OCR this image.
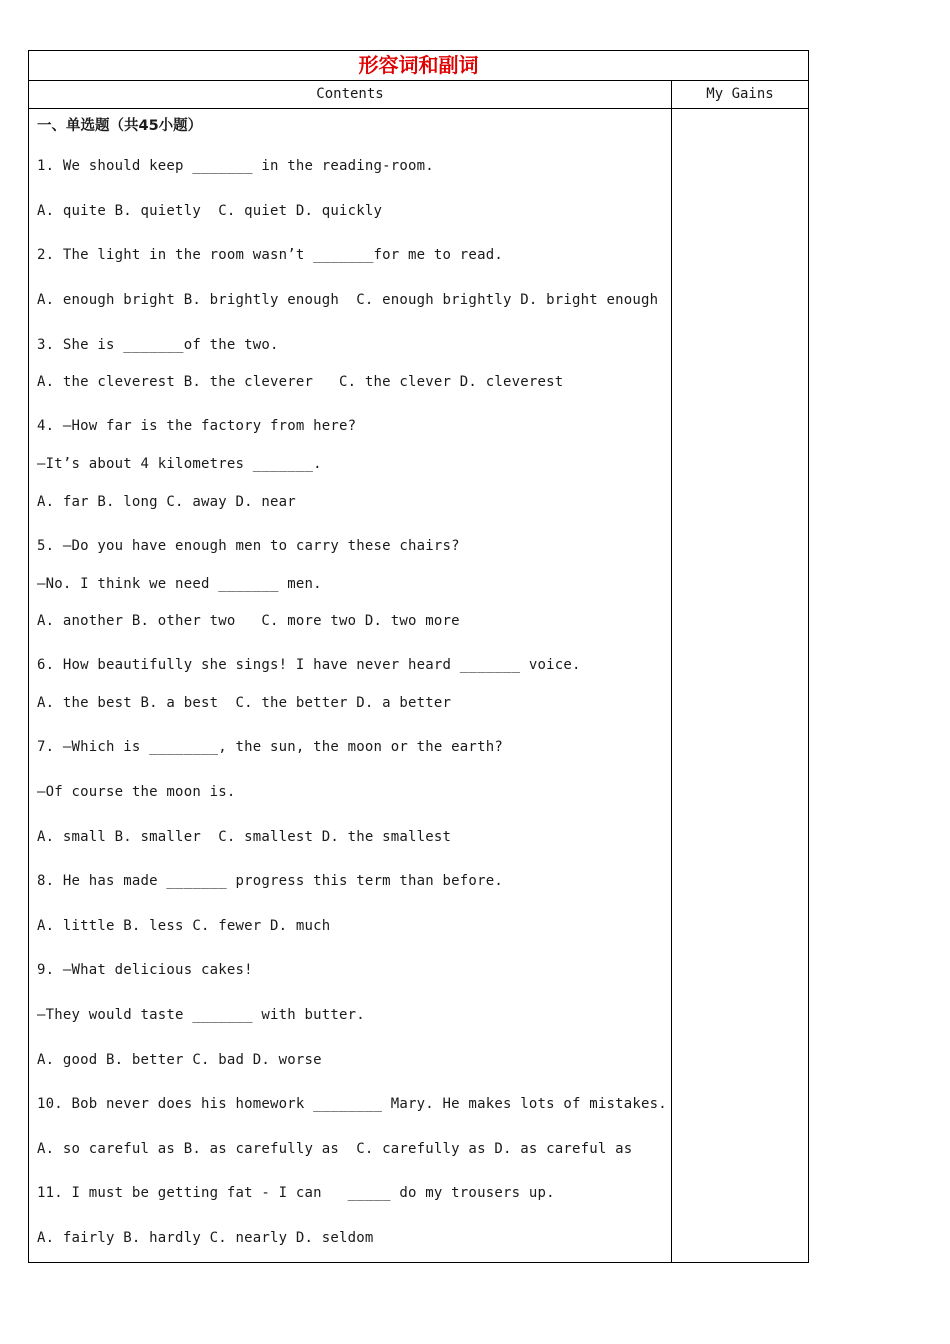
形容词和副词
Contents	My Gains
一、单选题（共45小题）
1. We should keep _______ in the reading-room.
A. quite B. quietly  C. quiet D. quickly
2. The light in the room wasn’t _______for me to read.
A. enough bright B. brightly enough  C. enough brightly D. bright enough
3. She is _______of the two.
A. the cleverest B. the cleverer   C. the clever D. cleverest
4. —How far is the factory from here?
—It’s about 4 kilometres _______.
A. far B. long C. away D. near
5. —Do you have enough men to carry these chairs?
—No. I think we need _______ men.
A. another B. other two   C. more two D. two more
6. How beautifully she sings! I have never heard _______ voice.
A. the best B. a best  C. the better D. a better
7. —Which is ________, the sun, the moon or the earth?
—Of course the moon is.
A. small B. smaller  C. smallest D. the smallest
8. He has made _______ progress this term than before.
A. little B. less C. fewer D. much
9. —What delicious cakes!
—They would taste _______ with butter.
A. good B. better C. bad D. worse
10. Bob never does his homework ________ Mary. He makes lots of mistakes.
A. so careful as B. as carefully as  C. carefully as D. as careful as
11. I must be getting fat - I can   _____ do my trousers up.
A. fairly B. hardly C. nearly D. seldom
